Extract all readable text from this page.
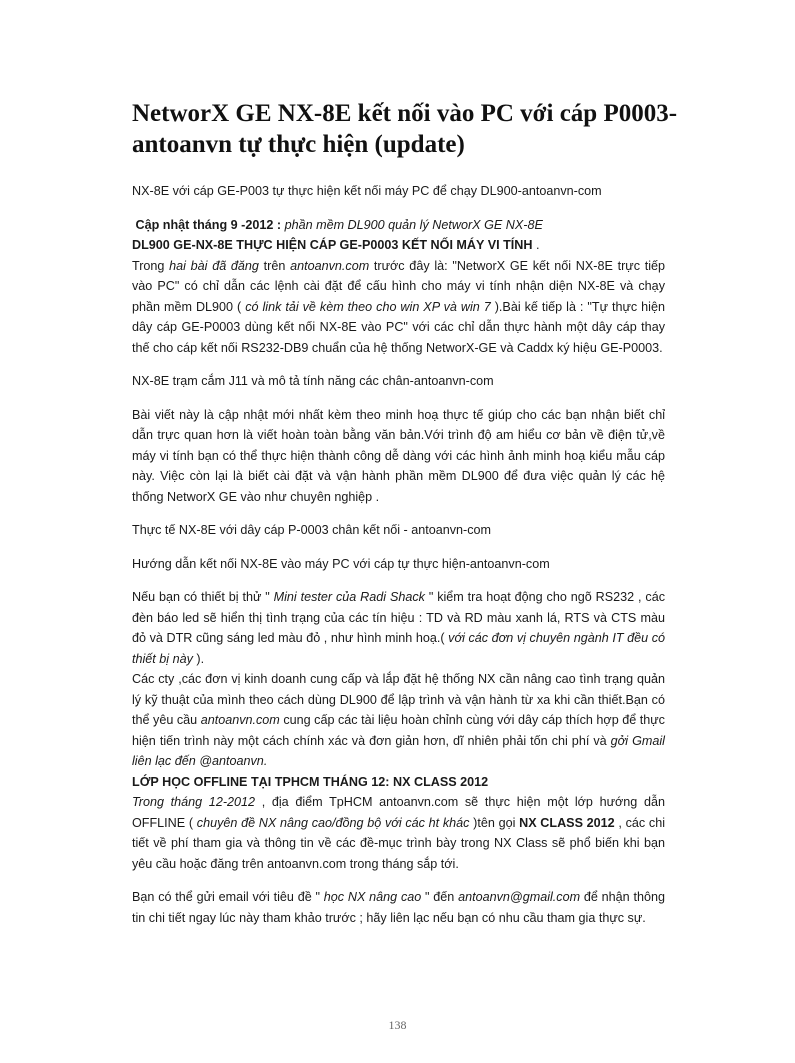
NetworX GE NX-8E kết nối vào PC với cáp P0003-antoanvn tự thực hiện (update)

NX-8E với cáp GE-P003 tự thực hiện kết nối máy PC để chạy DL900-antoanvn-com

Cập nhật tháng 9 -2012 : phần mềm DL900 quản lý NetworX GE NX-8E

DL900 GE-NX-8E THỰC HIỆN CÁP GE-P0003 KẾT NỐI MÁY VI TÍNH .

Trong hai bài đã đăng trên antoanvn.com trước đây là: "NetworX GE kết nối NX-8E trực tiếp vào PC" có chỉ dẫn các lệnh cài đặt để cấu hình cho máy vi tính nhận diện NX-8E và chạy phần mềm DL900 ( có link tải về kèm theo cho win XP và win 7 ).Bài kế tiếp là : "Tự thực hiện dây cáp GE-P0003 dùng kết nối NX-8E vào PC" với các chỉ dẫn thực hành một dây cáp thay thế cho cáp kết nối RS232-DB9 chuẩn của hệ thống NetworX-GE và Caddx ký hiệu GE-P0003.

NX-8E trạm cắm J11 và mô tả tính năng các chân-antoanvn-com

Bài viết này là cập nhật mới nhất kèm theo minh hoạ thực tế giúp cho các bạn nhận biết chỉ dẫn trực quan hơn là viết hoàn toàn bằng văn bản.Với trình độ am hiểu cơ bản về điện tử,về máy vi tính bạn có thể thực hiện thành công dễ dàng với các hình ảnh minh hoạ kiểu mẫu cáp này. Việc còn lại là biết cài đặt và vận hành phần mềm DL900 để đưa việc quản lý các hệ thống NetworX GE vào như chuyên nghiệp .

Thực tế NX-8E với dây cáp P-0003 chân kết nối - antoanvn-com

Hướng dẫn kết nối NX-8E vào máy PC với cáp tự thực hiện-antoanvn-com

Nếu bạn có thiết bị thử " Mini tester của Radi Shack " kiểm tra hoạt động cho ngõ RS232 , các đèn báo led sẽ hiển thị tình trạng của các tín hiệu : TD và RD màu xanh lá, RTS và CTS màu đỏ và DTR cũng sáng led màu đỏ , như hình minh hoạ.( với các đơn vị chuyên ngành IT đều có thiết bị này ).

Các cty ,các đơn vị kinh doanh cung cấp và lắp đặt hệ thống NX cần nâng cao tình trạng quản lý kỹ thuật của mình theo cách dùng DL900 để lập trình và vận hành từ xa khi cần thiết.Bạn có thể yêu cầu antoanvn.com cung cấp các tài liệu hoàn chỉnh cùng với dây cáp thích hợp để thực hiện tiến trình này một cách chính xác và đơn giản hơn, dĩ nhiên phải tốn chi phí và gởi Gmail liên lạc đến @antoanvn.

LỚP HỌC OFFLINE TẠI TPHCM THÁNG 12: NX CLASS 2012

Trong tháng 12-2012 , địa điểm TpHCM antoanvn.com sẽ thực hiện một lớp hướng dẫn OFFLINE ( chuyên đề NX nâng cao/đồng bộ với các ht khác )tên gọi NX CLASS 2012 , các chi tiết về phí tham gia và thông tin về các đề-mục trình bày trong NX Class sẽ phổ biến khi bạn yêu cầu hoặc đăng trên antoanvn.com trong tháng sắp tới.

Bạn có thể gửi email với tiêu đề " học NX nâng cao " đến antoanvn@gmail.com để nhận thông tin chi tiết ngay lúc này tham khảo trước ; hãy liên lạc nếu bạn có nhu cầu tham gia thực sự.

138
